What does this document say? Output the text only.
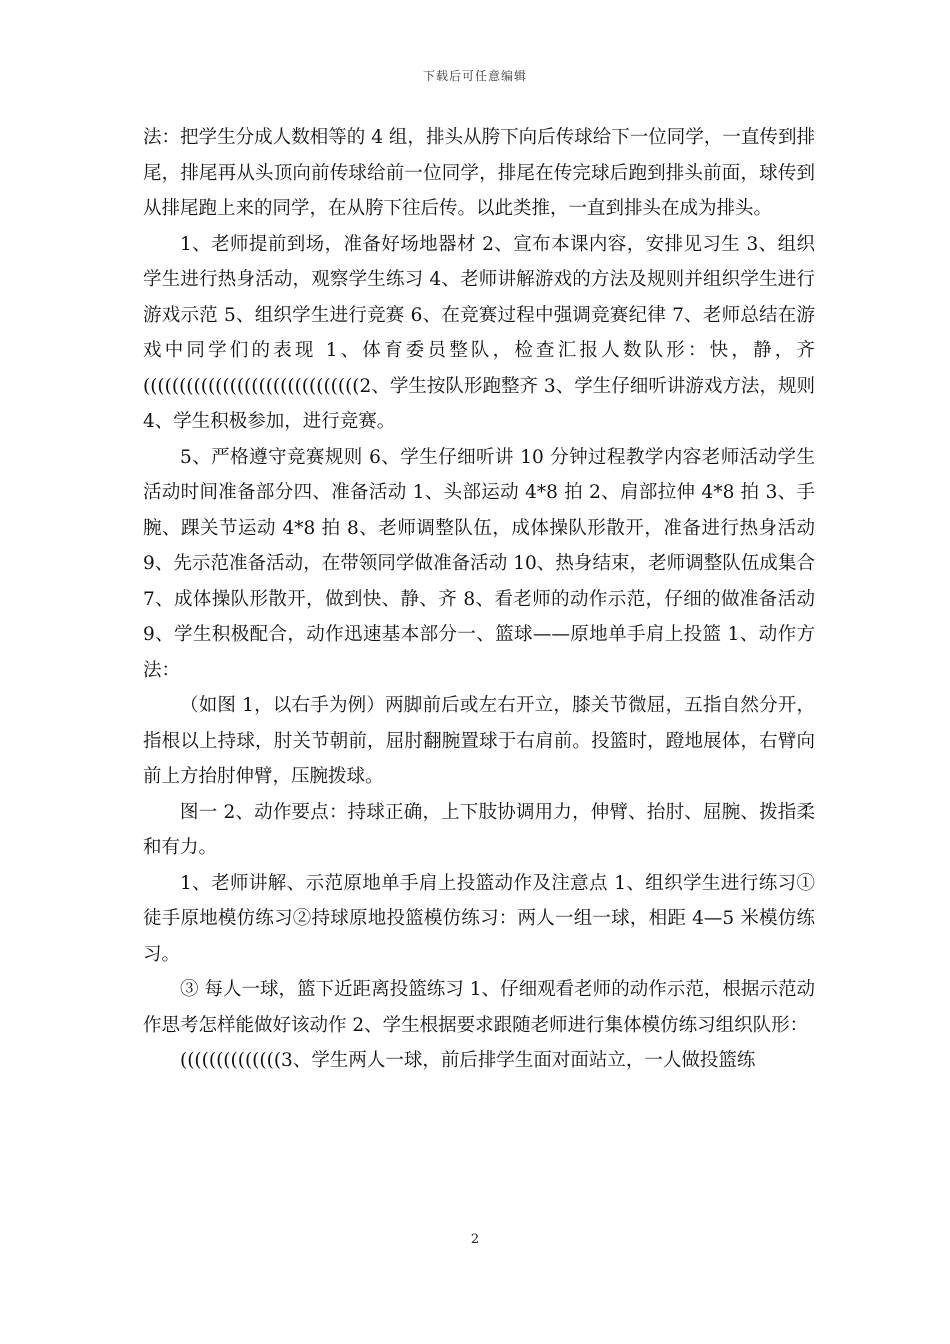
下载后可任意编辑

法：把学生分成人数相等的 4 组，排头从胯下向后传球给下一位同学，一直传到排尾，排尾再从头顶向前传球给前一位同学，排尾在传完球后跑到排头前面，球传到从排尾跑上来的同学，在从胯下往后传。以此类推，一直到排头在成为排头。

1、老师提前到场，准备好场地器材 2、宣布本课内容，安排见习生 3、组织学生进行热身活动，观察学生练习 4、老师讲解游戏的方法及规则并组织学生进行游戏示范 5、组织学生进行竞赛 6、在竞赛过程中强调竞赛纪律 7、老师总结在游戏中同学们的表现 1、体育委员整队，检查汇报人数队形：快，静，齐((((((((((((((((((((((((((((((2、学生按队形跑整齐 3、学生仔细听讲游戏方法，规则 4、学生积极参加，进行竞赛。

5、严格遵守竞赛规则 6、学生仔细听讲 10 分钟过程教学内容老师活动学生活动时间准备部分四、准备活动 1、头部运动 4*8 拍 2、肩部拉伸 4*8 拍 3、手腕、踝关节运动 4*8 拍 8、老师调整队伍，成体操队形散开，准备进行热身活动 9、先示范准备活动，在带领同学做准备活动 10、热身结束，老师调整队伍成集合 7、成体操队形散开，做到快、静、齐 8、看老师的动作示范，仔细的做准备活动 9、学生积极配合，动作迅速基本部分一、篮球——原地单手肩上投篮 1、动作方法：

（如图 1，以右手为例）两脚前后或左右开立，膝关节微屈，五指自然分开，指根以上持球，肘关节朝前，屈肘翻腕置球于右肩前。投篮时，蹬地展体，右臂向前上方抬肘伸臂，压腕拨球。

图一 2、动作要点：持球正确，上下肢协调用力，伸臂、抬肘、屈腕、拨指柔和有力。

1、老师讲解、示范原地单手肩上投篮动作及注意点 1、组织学生进行练习①徒手原地模仿练习②持球原地投篮模仿练习：两人一组一球，相距 4—5 米模仿练习。

③ 每人一球，篮下近距离投篮练习 1、仔细观看老师的动作示范，根据示范动作思考怎样能做好该动作 2、学生根据要求跟随老师进行集体模仿练习组织队形：

((((((((((((((3、学生两人一球，前后排学生面对面站立，一人做投篮练

2
